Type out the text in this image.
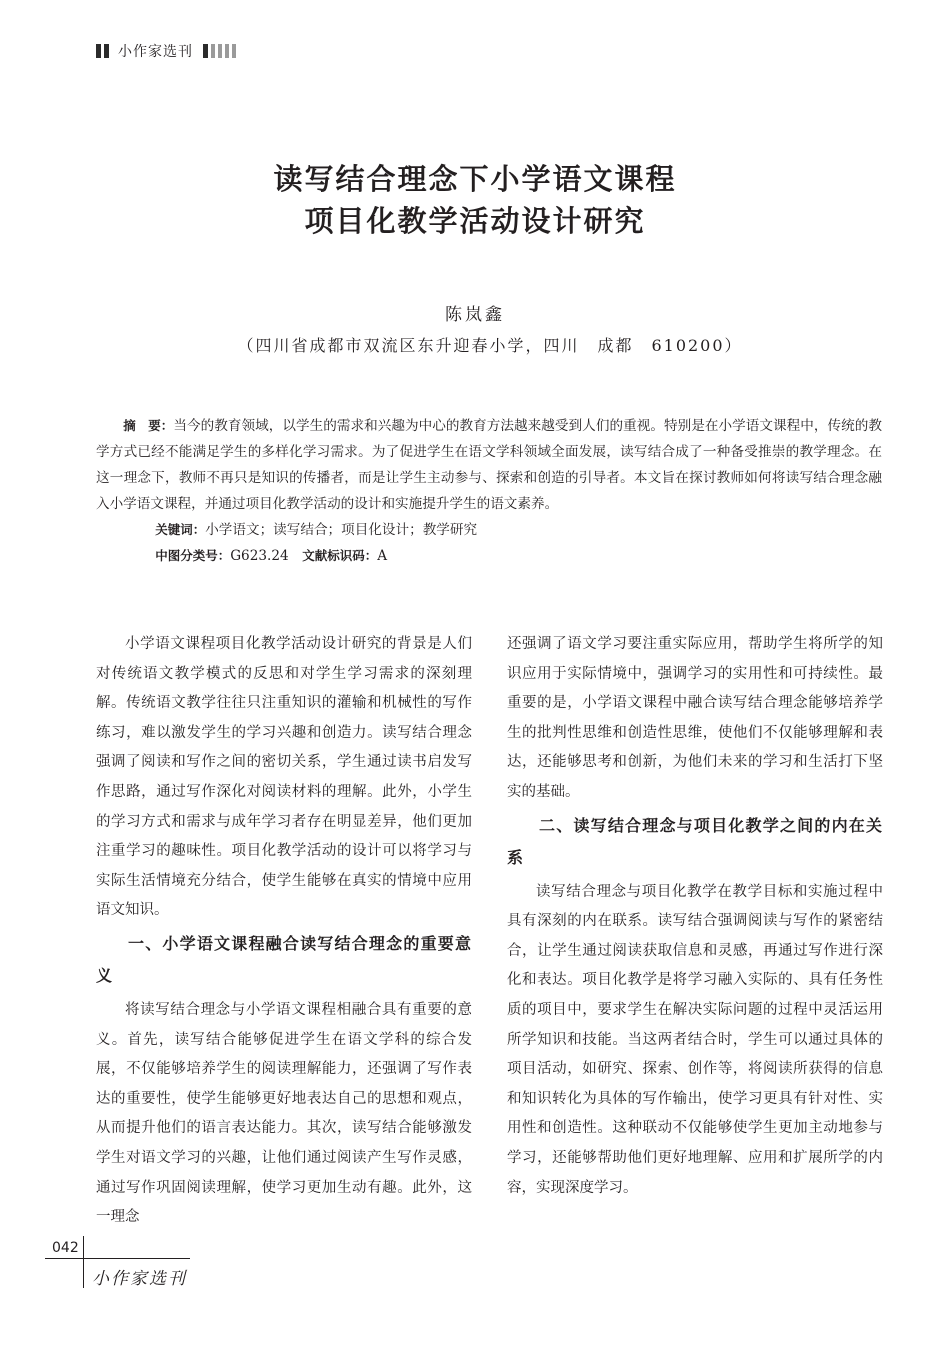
小作家选刊
读写结合理念下小学语文课程
项目化教学活动设计研究
陈岚鑫
（四川省成都市双流区东升迎春小学，四川　成都　610200）

摘　要：当今的教育领域，以学生的需求和兴趣为中心的教育方法越来越受到人们的重视。特别是在小学语文课程中，传统的教学方式已经不能满足学生的多样化学习需求。为了促进学生在语文学科领域全面发展，读写结合成了一种备受推崇的教学理念。在这一理念下，教师不再只是知识的传播者，而是让学生主动参与、探索和创造的引导者。本文旨在探讨教师如何将读写结合理念融入小学语文课程，并通过项目化教学活动的设计和实施提升学生的语文素养。

关键词：小学语文；读写结合；项目化设计；教学研究

中图分类号：G623.24　 文献标识码：A

小学语文课程项目化教学活动设计研究的背景是人们对传统语文教学模式的反思和对学生学习需求的深刻理解。传统语文教学往往只注重知识的灌输和机械性的写作练习，难以激发学生的学习兴趣和创造力。读写结合理念强调了阅读和写作之间的密切关系，学生通过读书启发写作思路，通过写作深化对阅读材料的理解。此外，小学生的学习方式和需求与成年学习者存在明显差异，他们更加注重学习的趣味性。项目化教学活动的设计可以将学习与实际生活情境充分结合，使学生能够在真实的情境中应用语文知识。

一、小学语文课程融合读写结合理念的重要意义

将读写结合理念与小学语文课程相融合具有重要的意义。首先，读写结合能够促进学生在语文学科的综合发展，不仅能够培养学生的阅读理解能力，还强调了写作表达的重要性，使学生能够更好地表达自己的思想和观点，从而提升他们的语言表达能力。其次，读写结合能够激发学生对语文学习的兴趣，让他们通过阅读产生写作灵感，通过写作巩固阅读理解，使学习更加生动有趣。此外，这一理念

还强调了语文学习要注重实际应用，帮助学生将所学的知识应用于实际情境中，强调学习的实用性和可持续性。最重要的是，小学语文课程中融合读写结合理念能够培养学生的批判性思维和创造性思维，使他们不仅能够理解和表达，还能够思考和创新，为他们未来的学习和生活打下坚实的基础。

二、读写结合理念与项目化教学之间的内在关系

读写结合理念与项目化教学在教学目标和实施过程中具有深刻的内在联系。读写结合强调阅读与写作的紧密结合，让学生通过阅读获取信息和灵感，再通过写作进行深化和表达。项目化教学是将学习融入实际的、具有任务性质的项目中，要求学生在解决实际问题的过程中灵活运用所学知识和技能。当这两者结合时，学生可以通过具体的项目活动，如研究、探索、创作等，将阅读所获得的信息和知识转化为具体的写作输出，使学习更具有针对性、实用性和创造性。这种联动不仅能够使学生更加主动地参与学习，还能够帮助他们更好地理解、应用和扩展所学的内容，实现深度学习。

042
小作家选刊
